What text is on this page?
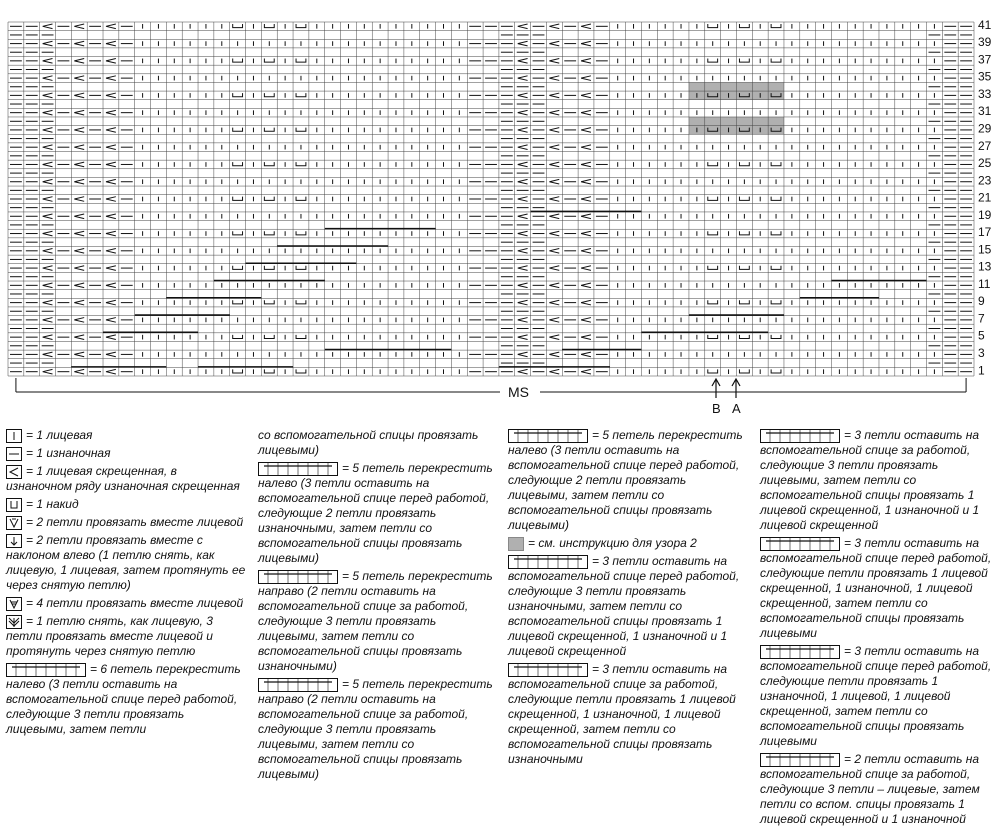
41
39
37
35
33
31
29
27
25
23
21
19
17
15
13
11
9
7
5
3
1
MS
B A
= 1 лицевая
= 1 изнаночная
= 1 лицевая скрещенная, в изнаночном ряду изнаночная скрещенная
= 1 накид
= 2 петли провязать вместе лицевой
= 2 петли провязать вместе с наклоном влево (1 петлю снять, как лицевую, 1 лицевая, затем протянуть ее через снятую петлю)
= 4 петли провязать вместе лицевой
= 1 петлю снять, как лицевую, 3 петли провязать вместе лицевой и протянуть через снятую петлю
= 6 петель перекрестить налево (3 петли оставить на вспомогательной спице перед работой, следующие 3 петли провязать лицевыми, затем петли
со вспомогательной спицы провязать лицевыми)
= 5 петель перекрестить налево (3 петли оставить на вспомогательной спице перед работой, следующие 2 петли провязать изнаночными, затем петли со вспомогательной спицы провязать лицевыми)
= 5 петель перекрестить направо (2 петли оставить на вспомогательной спице за работой, следующие 3 петли провязать лицевыми, затем петли со вспомогательной спицы провязать изнаночными)
= 5 петель перекрестить направо (2 петли оставить на вспомогательной спице за работой, следующие 3 петли провязать лицевыми, затем петли со вспомогательной спицы провязать лицевыми)
= 5 петель перекрестить налево (3 петли оставить на вспомогательной спице перед работой, следующие 2 петли провязать лицевыми, затем петли со вспомогательной спицы провязать лицевыми)
= см. инструкцию для узора 2
= 3 петли оставить на вспомогательной спице перед работой, следующие 3 петли провязать изнаночными, затем петли со вспомогательной спицы провязать 1 лицевой скрещенной, 1 изнаночной и 1 лицевой скрещенной
= 3 петли оставить на вспомогательной спице за работой, следующие петли провязать 1 лицевой скрещенной, 1 изнаночной, 1 лицевой скрещенной, затем петли со вспомогательной спицы провязать изнаночными
= 3 петли оставить на вспомогательной спице за работой, следующие 3 петли провязать лицевыми, затем петли со вспомогательной спицы провязать 1 лицевой скрещенной, 1 изнаночной и 1 лицевой скрещенной
= 3 петли оставить на вспомогательной спице перед работой, следующие петли провязать 1 лицевой скрещенной, 1 изнаночной, 1 лицевой скрещенной, затем петли со вспомогательной спицы провязать лицевыми
= 3 петли оставить на вспомогательной спице перед работой, следующие петли провязать 1 изнаночной, 1 лицевой, 1 лицевой скрещенной, затем петли со вспомогательной спицы провязать лицевыми
= 2 петли оставить на вспомогательной спице за работой, следующие 3 петли – лицевые, затем петли со вспом. спицы провязать 1 лицевой скрещенной и 1 изнаночной
